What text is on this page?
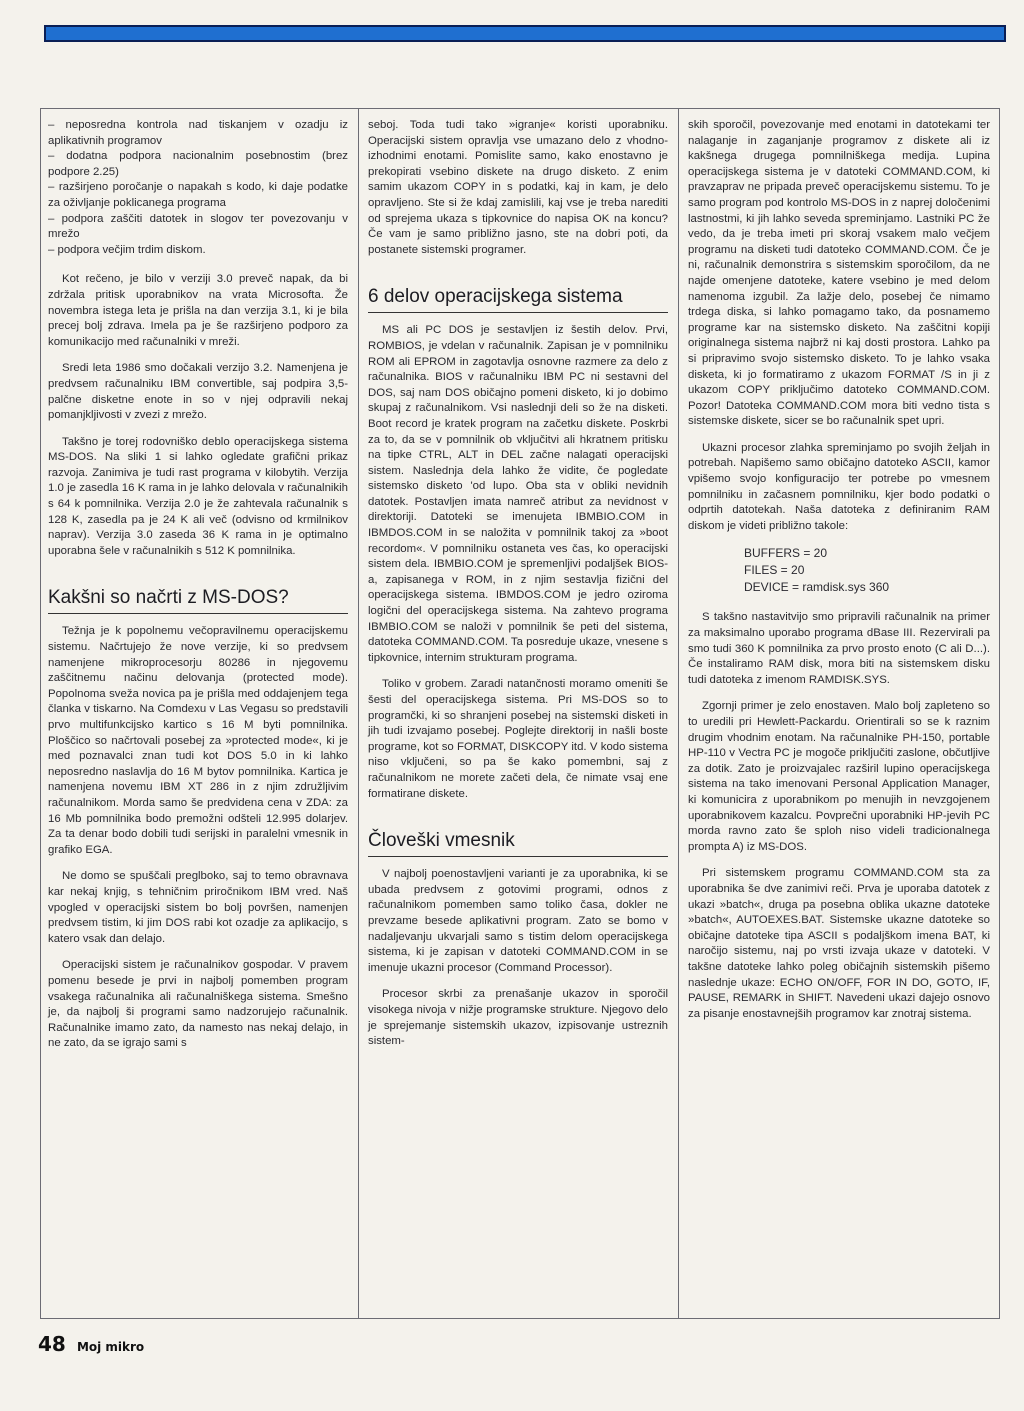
– neposredna kontrola nad tiskanjem v ozadju iz aplikativnih programov

– dodatna podpora nacionalnim posebnostim (brez podpore 2.25)

– razširjeno poročanje o napakah s kodo, ki daje podatke za oživljanje poklicanega programa

– podpora zaščiti datotek in slogov ter povezovanju v mrežo

– podpora večjim trdim diskom.

Kot rečeno, je bilo v verziji 3.0 preveč napak, da bi zdržala pritisk uporabnikov na vrata Microsofta. Že novembra istega leta je prišla na dan verzija 3.1, ki je bila precej bolj zdrava. Imela pa je še razširjeno podporo za komunikacijo med računalniki v mreži.

Sredi leta 1986 smo dočakali verzijo 3.2. Namenjena je predvsem računalniku IBM convertible, saj podpira 3,5-palčne disketne enote in so v njej odpravili nekaj pomanjkljivosti v zvezi z mrežo.

Takšno je torej rodovniško deblo operacijskega sistema MS-DOS. Na sliki 1 si lahko ogledate grafični prikaz razvoja. Zanimiva je tudi rast programa v kilobytih. Verzija 1.0 je zasedla 16 K rama in je lahko delovala v računalnikih s 64 k pomnilnika. Verzija 2.0 je že zahtevala računalnik s 128 K, zasedla pa je 24 K ali več (odvisno od krmilnikov naprav). Verzija 3.0 zaseda 36 K rama in je optimalno uporabna šele v računalnikih s 512 K pomnilnika.

Kakšni so načrti z MS-DOS?

Težnja je k popolnemu večopravilnemu operacijskemu sistemu. Načrtujejo že nove verzije, ki so predvsem namenjene mikroprocesorju 80286 in njegovemu zaščitnemu načinu delovanja (protected mode). Popolnoma sveža novica pa je prišla med oddajenjem tega članka v tiskarno. Na Comdexu v Las Vegasu so predstavili prvo multifunkcijsko kartico s 16 M byti pomnilnika. Ploščico so načrtovali posebej za »protected mode«, ki je med poznavalci znan tudi kot DOS 5.0 in ki lahko neposredno naslavlja do 16 M bytov pomnilnika. Kartica je namenjena novemu IBM XT 286 in z njim združljivim računalnikom. Morda samo še predvidena cena v ZDA: za 16 Mb pomnilnika bodo premožni odšteli 12.995 dolarjev. Za ta denar bodo dobili tudi serijski in paralelni vmesnik in grafiko EGA.

Ne domo se spuščali preglboko, saj to temo obravnava kar nekaj knjig, s tehničnim priročnikom IBM vred. Naš vpogled v operacijski sistem bo bolj površen, namenjen predvsem tistim, ki jim DOS rabi kot ozadje za aplikacijo, s katero vsak dan delajo.

Operacijski sistem je računalnikov gospodar. V pravem pomenu besede je prvi in najbolj pomemben program vsakega računalnika ali računalniškega sistema. Smešno je, da najbolj ši programi samo nadzorujejo računalnik. Računalnike imamo zato, da namesto nas nekaj delajo, in ne zato, da se igrajo sami s

seboj. Toda tudi tako »igranje« koristi uporabniku. Operacijski sistem opravlja vse umazano delo z vhodno-izhodnimi enotami. Pomislite samo, kako enostavno je prekopirati vsebino diskete na drugo disketo. Z enim samim ukazom COPY in s podatki, kaj in kam, je delo opravljeno. Ste si že kdaj zamislili, kaj vse je treba narediti od sprejema ukaza s tipkovnice do napisa OK na koncu? Če vam je samo približno jasno, ste na dobri poti, da postanete sistemski programer.

6 delov operacijskega sistema

MS ali PC DOS je sestavljen iz šestih delov. Prvi, ROMBIOS, je vdelan v računalnik. Zapisan je v pomnilniku ROM ali EPROM in zagotavlja osnovne razmere za delo z računalnika. BIOS v računalniku IBM PC ni sestavni del DOS, saj nam DOS običajno pomeni disketo, ki jo dobimo skupaj z računalnikom. Vsi naslednji deli so že na disketi. Boot record je kratek program na začetku diskete. Poskrbi za to, da se v pomnilnik ob vključitvi ali hkratnem pritisku na tipke CTRL, ALT in DEL začne nalagati operacijski sistem. Naslednja dela lahko že vidite, če pogledate sistemsko disketo 'od lupo. Oba sta v obliki nevidnih datotek. Postavljen imata namreč atribut za nevidnost v direktoriji. Datoteki se imenujeta IBMBIO.COM in IBMDOS.COM in se naložita v pomnilnik takoj za »boot recordom«. V pomnilniku ostaneta ves čas, ko operacijski sistem dela. IBMBIO.COM je spremenljivi podaljšek BIOS-a, zapisanega v ROM, in z njim sestavlja fizični del operacijskega sistema. IBMDOS.COM je jedro oziroma logični del operacijskega sistema. Na zahtevo programa IBMBIO.COM se naloži v pomnilnik še peti del sistema, datoteka COMMAND.COM. Ta posreduje ukaze, vnesene s tipkovnice, internim strukturam programa.

Toliko v grobem. Zaradi natančnosti moramo omeniti še šesti del operacijskega sistema. Pri MS-DOS so to programčki, ki so shranjeni posebej na sistemski disketi in jih tudi izvajamo posebej. Poglejte direktorij in našli boste programe, kot so FORMAT, DISKCOPY itd. V kodo sistema niso vključeni, so pa še kako pomembni, saj z računalnikom ne morete začeti dela, če nimate vsaj ene formatirane diskete.

Človeški vmesnik

V najbolj poenostavljeni varianti je za uporabnika, ki se ubada predvsem z gotovimi programi, odnos z računalnikom pomemben samo toliko časa, dokler ne prevzame besede aplikativni program. Zato se bomo v nadaljevanju ukvarjali samo s tistim delom operacijskega sistema, ki je zapisan v datoteki COMMAND.COM in se imenuje ukazni procesor (Command Processor).

Procesor skrbi za prenašanje ukazov in sporočil visokega nivoja v nižje programske strukture. Njegovo delo je sprejemanje sistemskih ukazov, izpisovanje ustreznih sistem-

skih sporočil, povezovanje med enotami in datotekami ter nalaganje in zaganjanje programov z diskete ali iz kakšnega drugega pomnilniškega medija. Lupina operacijskega sistema je v datoteki COMMAND.COM, ki pravzaprav ne pripada preveč operacijskemu sistemu. To je samo program pod kontrolo MS-DOS in z naprej določenimi lastnostmi, ki jih lahko seveda spreminjamo. Lastniki PC že vedo, da je treba imeti pri skoraj vsakem malo večjem programu na disketi tudi datoteko COMMAND.COM. Če je ni, računalnik demonstrira s sistemskim sporočilom, da ne najde omenjene datoteke, katere vsebino je med delom namenoma izgubil. Za lažje delo, posebej če nimamo trdega diska, si lahko pomagamo tako, da posnamemo programe kar na sistemsko disketo. Na zaščitni kopiji originalnega sistema najbrž ni kaj dosti prostora. Lahko pa si pripravimo svojo sistemsko disketo. To je lahko vsaka disketa, ki jo formatiramo z ukazom FORMAT /S in ji z ukazom COPY priključimo datoteko COMMAND.COM. Pozor! Datoteka COMMAND.COM mora biti vedno tista s sistemske diskete, sicer se bo računalnik spet upri.

Ukazni procesor zlahka spreminjamo po svojih željah in potrebah. Napišemo samo običajno datoteko ASCII, kamor vpišemo svojo konfiguracijo ter potrebe po vmesnem pomnilniku in začasnem pomnilniku, kjer bodo podatki o odprtih datotekah. Naša datoteka z definiranim RAM diskom je videti približno takole:

BUFFERS = 20

FILES = 20

DEVICE = ramdisk.sys 360

S takšno nastavitvijo smo pripravili računalnik na primer za maksimalno uporabo programa dBase III. Rezervirali pa smo tudi 360 K pomnilnika za prvo prosto enoto (C ali D...). Če instaliramo RAM disk, mora biti na sistemskem disku tudi datoteka z imenom RAMDISK.SYS.

Zgornji primer je zelo enostaven. Malo bolj zapleteno so to uredili pri Hewlett-Packardu. Orientirali so se k raznim drugim vhodnim enotam. Na računalnike PH-150, portable HP-110 v Vectra PC je mogoče priključiti zaslone, občutljive za dotik. Zato je proizvajalec razširil lupino operacijskega sistema na tako imenovani Personal Application Manager, ki komunicira z uporabnikom po menujih in nevzgojenem uporabnikovem kazalcu. Povprečni uporabniki HP-jevih PC morda ravno zato še sploh niso videli tradicionalnega prompta A) iz MS-DOS.

Pri sistemskem programu COMMAND.COM sta za uporabnika še dve zanimivi reči. Prva je uporaba datotek z ukazi »batch«, druga pa posebna oblika ukazne datoteke »batch«, AUTOEXES.BAT. Sistemske ukazne datoteke so običajne datoteke tipa ASCII s podaljškom imena BAT, ki naročijo sistemu, naj po vrsti izvaja ukaze v datoteki. V takšne datoteke lahko poleg običajnih sistemskih pišemo naslednje ukaze: ECHO ON/OFF, FOR IN DO, GOTO, IF, PAUSE, REMARK in SHIFT. Navedeni ukazi dajejo osnovo za pisanje enostavnejših programov kar znotraj sistema.

48 Moj mikro
